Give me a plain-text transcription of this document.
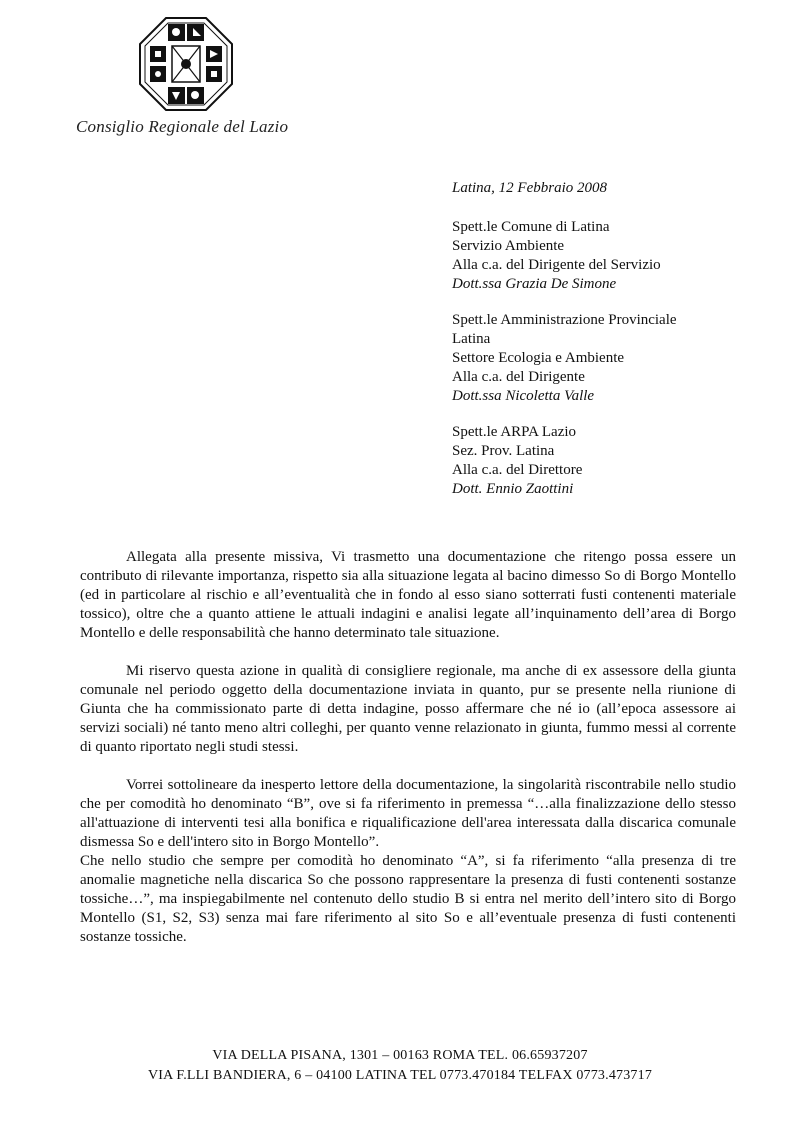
Consiglio Regionale del Lazio
Latina, 12 Febbraio 2008
Spett.le Comune di Latina
Servizio Ambiente
Alla c.a. del Dirigente del Servizio
Dott.ssa Grazia De Simone
Spett.le Amministrazione Provinciale
Latina
Settore Ecologia e Ambiente
Alla c.a. del Dirigente
Dott.ssa Nicoletta Valle
Spett.le ARPA Lazio
Sez. Prov. Latina
Alla c.a. del Direttore
Dott. Ennio Zaottini

Allegata alla presente missiva, Vi trasmetto una documentazione che ritengo possa essere un contributo di rilevante importanza, rispetto sia alla situazione legata al bacino dimesso So di Borgo Montello (ed in particolare al rischio e all’eventualità che in fondo al esso siano sotterrati fusti contenenti materiale tossico), oltre che a quanto attiene le attuali indagini e analisi legate all’inquinamento dell’area di Borgo Montello e delle responsabilità che hanno determinato tale situazione.

Mi riservo questa azione in qualità di consigliere regionale, ma anche di ex assessore della giunta comunale nel periodo oggetto della documentazione inviata in quanto, pur se presente nella riunione di Giunta che ha commissionato parte di detta indagine, posso affermare che né io (all’epoca assessore ai servizi sociali) né tanto meno altri colleghi, per quanto venne relazionato in giunta, fummo messi al corrente di quanto riportato negli studi stessi.

Vorrei sottolineare da inesperto lettore della documentazione, la singolarità riscontrabile nello studio che per comodità ho denominato “B”, ove si fa riferimento in premessa “…alla finalizzazione dello stesso all'attuazione di interventi tesi alla bonifica e riqualificazione dell'area interessata dalla discarica comunale dismessa So e dell'intero sito in Borgo Montello”.

Che nello studio che sempre per comodità ho denominato “A”, si fa riferimento “alla presenza di tre anomalie magnetiche nella discarica So che possono rappresentare la presenza di fusti contenenti sostanze tossiche…”, ma inspiegabilmente nel contenuto dello studio B si entra nel merito dell’intero sito di Borgo Montello (S1, S2, S3) senza mai fare riferimento al sito So e all’eventuale presenza di fusti contenenti sostanze tossiche.

VIA DELLA PISANA, 1301 – 00163 ROMA TEL. 06.65937207
VIA F.LLI BANDIERA, 6 – 04100 LATINA TEL 0773.470184 TELFAX 0773.473717
